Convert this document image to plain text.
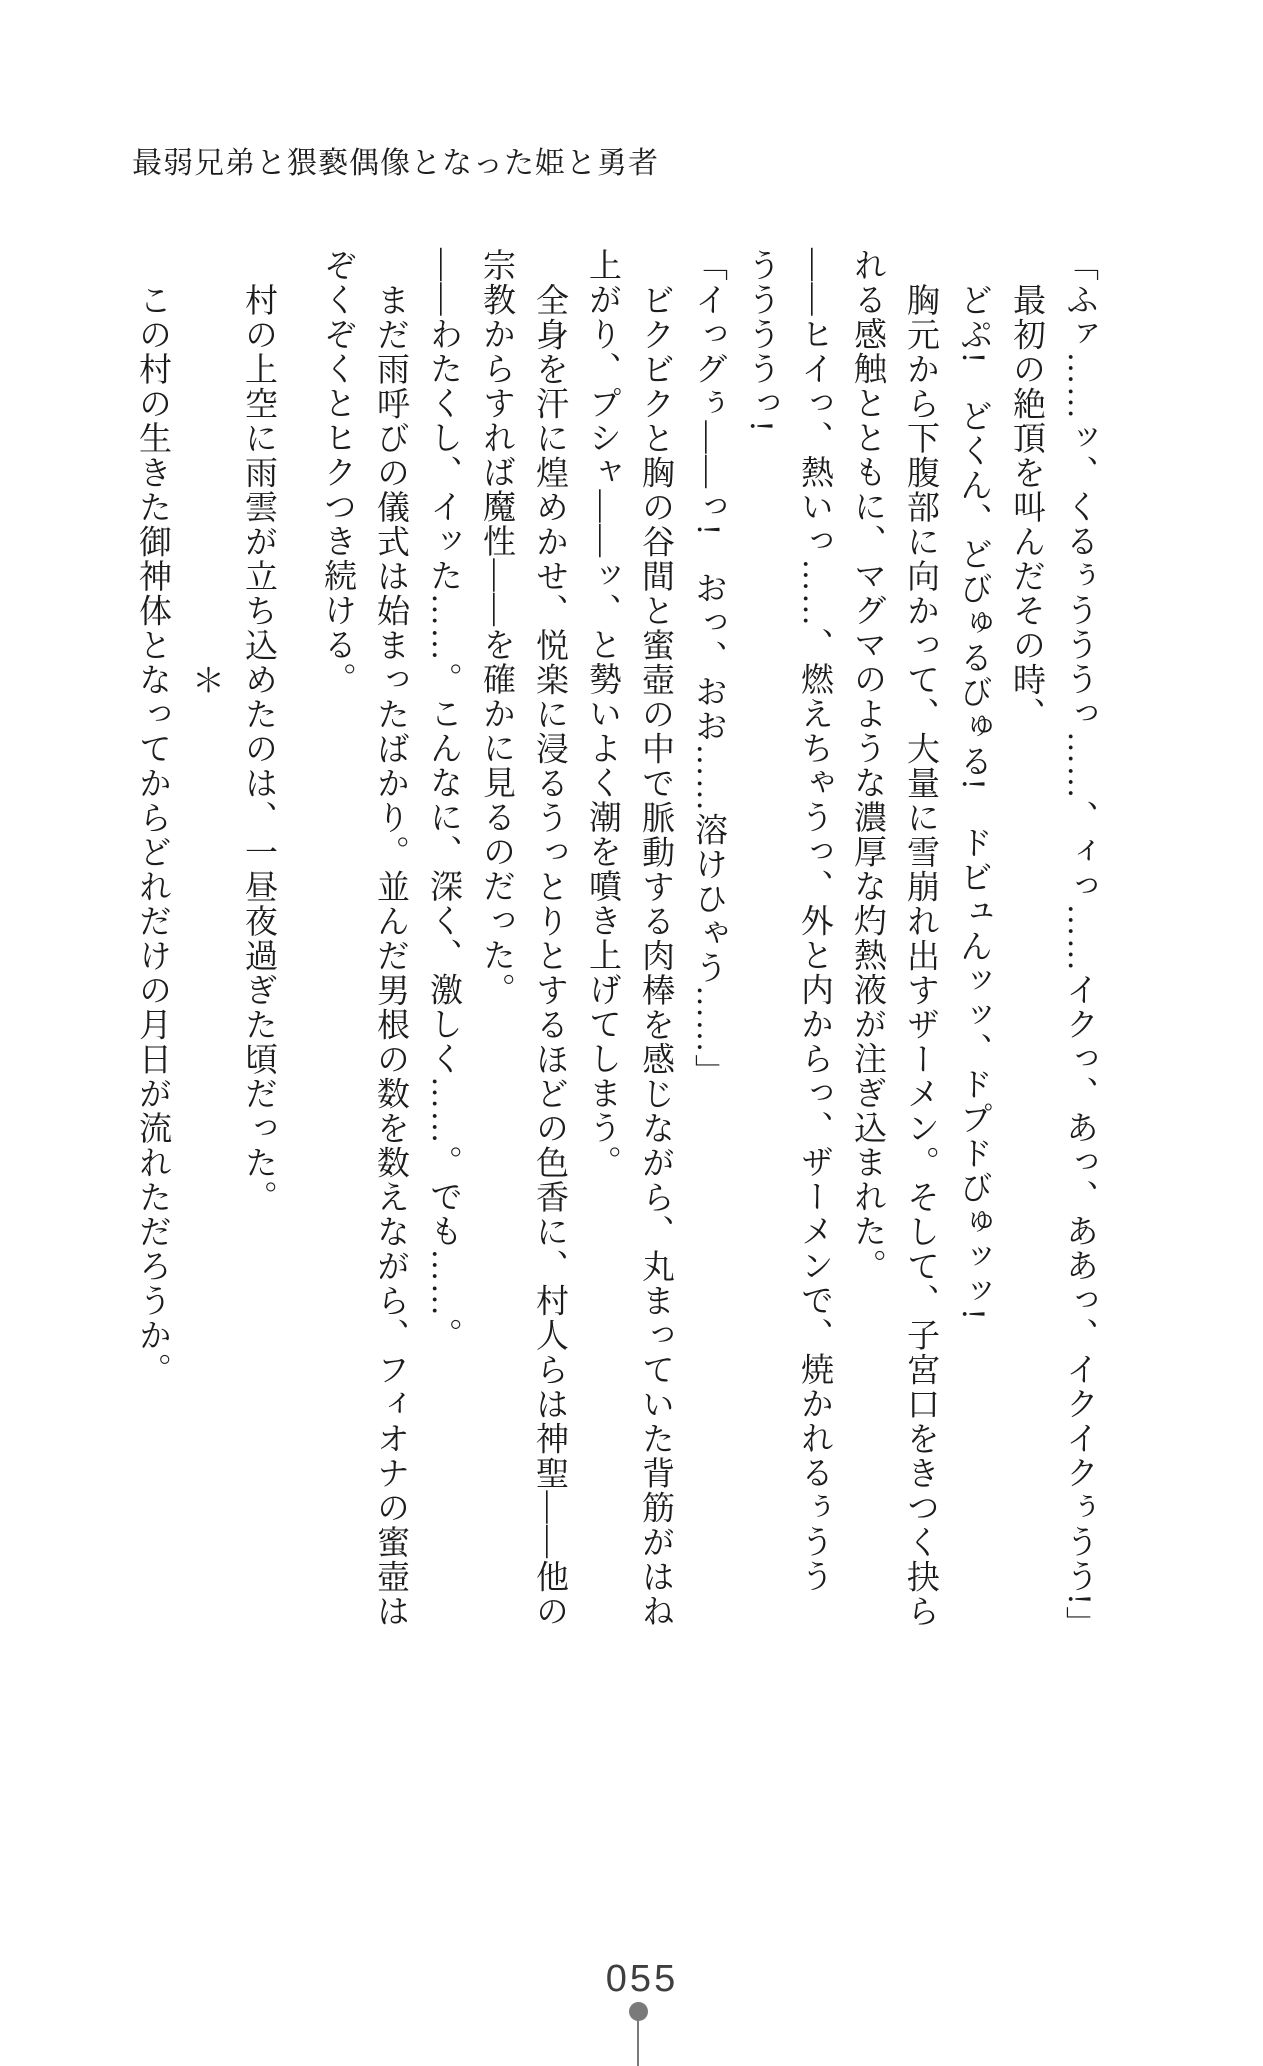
最弱兄弟と猥褻偶像となった姫と勇者
「ふァ……ッ、くるぅうううっ……、ィっ……イクっ、あっ、ああっ、イクイクぅうう!」
最初の絶頂を叫んだその時、
どぷ!　どくん、どびゅるびゅる!　ドビュんッッ、ドプドびゅッッ!
胸元から下腹部に向かって、大量に雪崩れ出すザーメン。そして、子宮口をきつく抉ら
れる感触とともに、マグマのような濃厚な灼熱液が注ぎ込まれた。
――ヒイっ、熱いっ……、燃えちゃうっ、外と内からっ、ザーメンで、焼かれるぅうう
ううううっ!
「イっグぅ――っ!　おっ、おお……溶けひゃう……」
ビクビクと胸の谷間と蜜壺の中で脈動する肉棒を感じながら、丸まっていた背筋がはね
上がり、プシャ――ッ、と勢いよく潮を噴き上げてしまう。
全身を汗に煌めかせ、悦楽に浸るうっとりとするほどの色香に、村人らは神聖――他の
宗教からすれば魔性――を確かに見るのだった。
――わたくし、イッた……。こんなに、深く、激しく……。でも……。
まだ雨呼びの儀式は始まったばかり。並んだ男根の数を数えながら、フィオナの蜜壺は
ぞくぞくとヒクつき続ける。
村の上空に雨雲が立ち込めたのは、一昼夜過ぎた頃だった。
＊
この村の生きた御神体となってからどれだけの月日が流れただろうか。
055
